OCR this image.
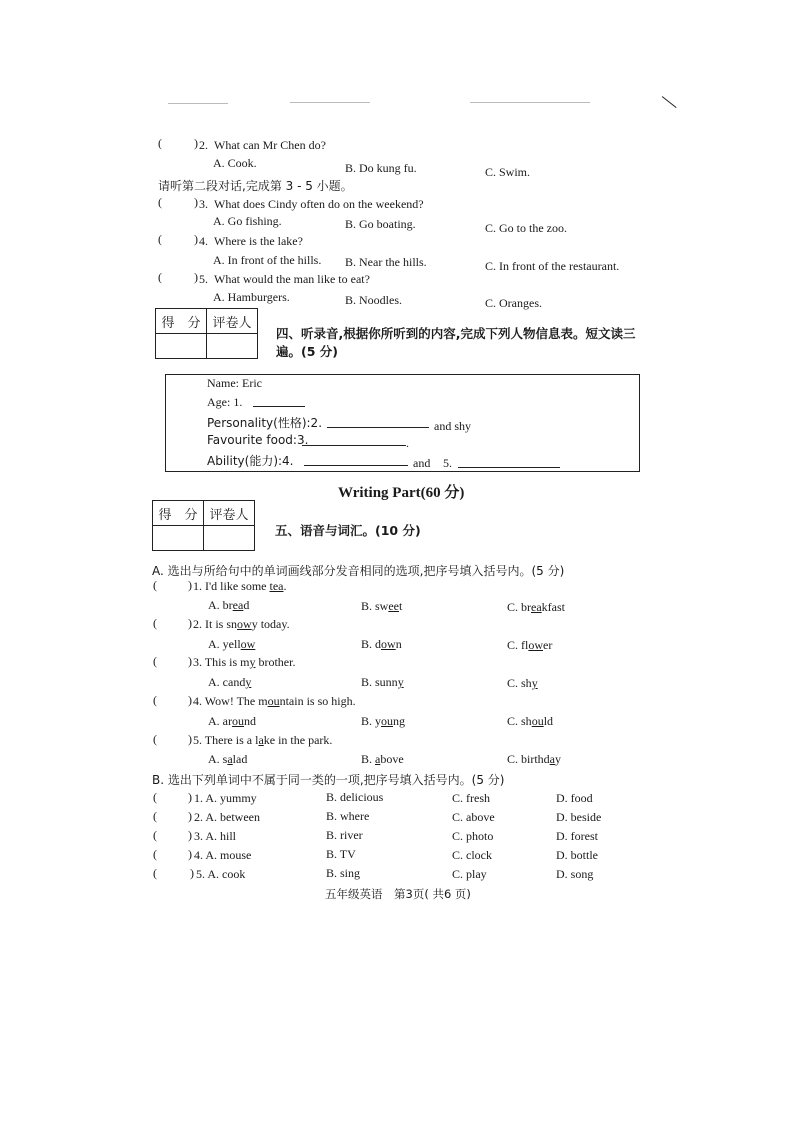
(	) 2. What can Mr Chen do?
A. Cook.	B. Do kung fu.	C. Swim.
请听第二段对话,完成第 3 - 5 小题。
(	) 3. What does Cindy often do on the weekend?
A. Go fishing.	B. Go boating.	C. Go to the zoo.
(	) 4. Where is the lake?
A. In front of the hills. B. Near the hills.	C. In front of the restaurant.
(	) 5. What would the man like to eat?
A. Hamburgers.	B. Noodles.	C. Oranges.
得　分	评卷人

四、听录音,根据你所听到的内容,完成下列人物信息表。短文读三
遍。(5 分)
Name: Eric
Age: 1.
Personality(性格):2.	and shy
Favourite food:3.	.
Ability(能力):4.	and 5.
Writing Part(60 分)
得　分	评卷人

五、语音与词汇。(10 分)
A. 选出与所给句中的单词画线部分发音相同的选项,把序号填入括号内。(5 分)
(	) 1. I'd like some tea.
A. bread	B. sweet	C. breakfast
(	) 2. It is snowy today.
A. yellow	B. down	C. flower
(	) 3. This is my brother.
A. candy	B. sunny	C. shy
(	) 4. Wow! The mountain is so high.
A. around	B. young	C. should
(	) 5. There is a lake in the park.
A. salad	B. above	C. birthday
B. 选出下列单词中不属于同一类的一项,把序号填入括号内。(5 分)
(	) 1. A. yummy	B. delicious	C. fresh	D. food
(	) 2. A. between	B. where	C. above	D. beside
(	) 3. A. hill	B. river	C. photo	D. forest
(	) 4. A. mouse	B. TV	C. clock	D. bottle
(	) 5. A. cook	B. sing	C. play	D. song
五年级英语　第3页( 共6 页)
